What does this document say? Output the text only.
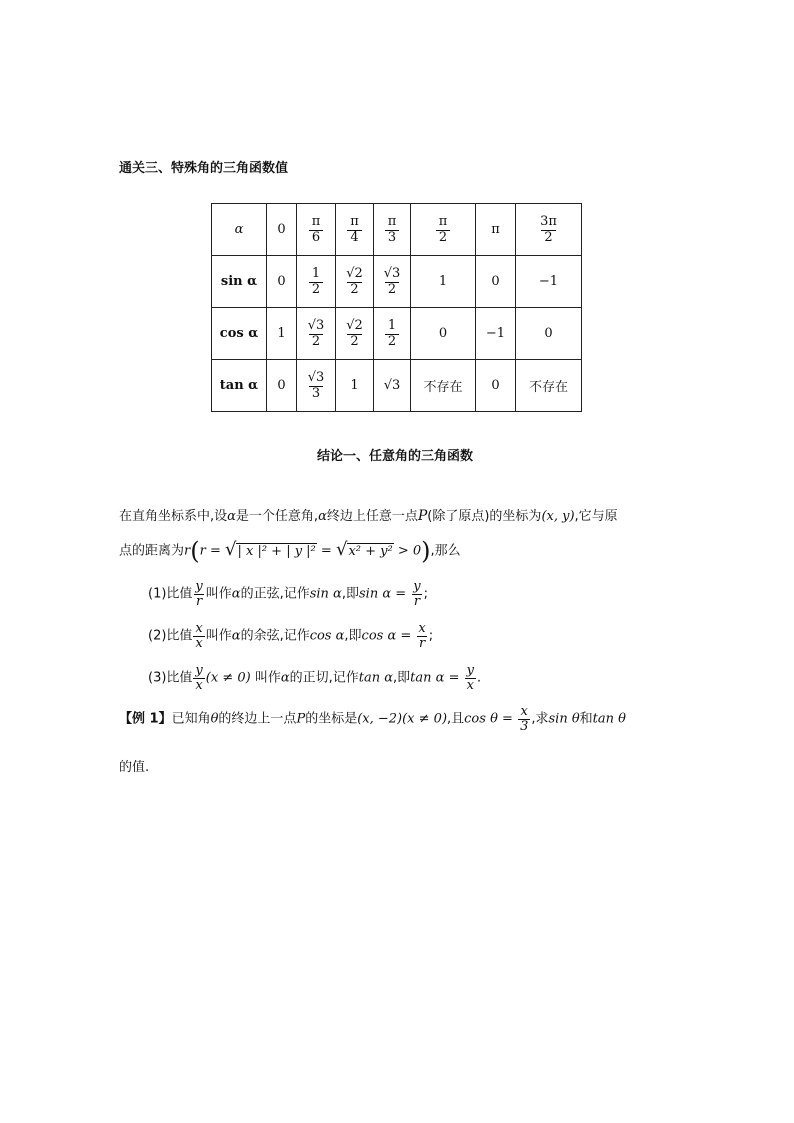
通关三、特殊角的三角函数值
α	0	$\frac{\pi}{6}$	$\frac{\pi}{4}$	$\frac{\pi}{3}$	$\frac{\pi}{2}$	π	$\frac{3\pi}{2}$

sin α	0	$\frac{1}{2}$	$\frac{√2}{2}$	$\frac{√3}{2}$	1	0	−1
cos α	1	$\frac{√3}{2}$	$\frac{√2}{2}$	$\frac{1}{2}$	0	−1	0
tan α	0	$\frac{√3}{3}$	1	√3	不存在	0	不存在
结论一、任意角的三角函数
在直角坐标系中,设α是一个任意角,α终边上任意一点P(除了原点)的坐标为(x, y),它与原
点的距离为r(r = √| x |² + | y |² = √x² + y² > 0),那么
(1)比值 $\frac{y}{r}$ 叫作α的正弦,记作sin α,即$\sin \alpha = \frac{y}{r}$ ;
(2)比值 $\frac{x}{x}$ 叫作α的余弦,记作cos α,即$\cos \alpha = \frac{x}{r}$ ;
(3)比值 $\frac{y}{x} (x \ne 0)$ 叫作α的正切,记作tan α,即$\tan \alpha = \frac{y}{x}$ .
【例 1】已知角θ的终边上一点P的坐标是(x, −2)(x ≠ 0),且$\cos \theta = \frac{x}{3}$ ,求sin θ和tan θ
的值.
